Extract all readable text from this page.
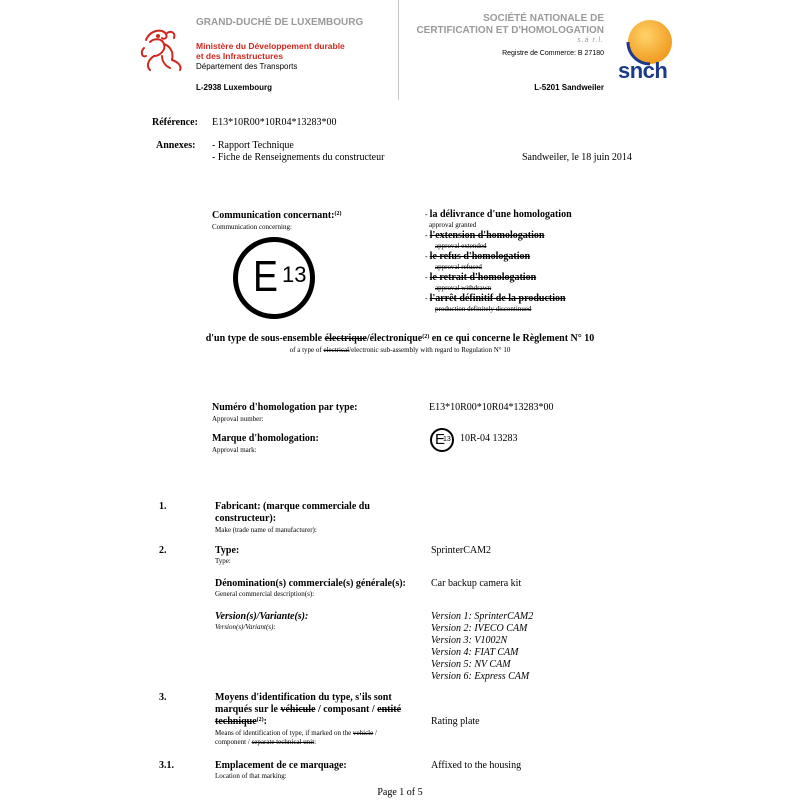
GRAND-DUCHÉ DE LUXEMBOURG
Ministère du Développement durable
et des Infrastructures
Département des Transports
L-2938 Luxembourg
SOCIÉTÉ NATIONALE DE
CERTIFICATION ET D'HOMOLOGATION
s.à r.l.
Registre de Commerce: B 27180
L-5201 Sandweiler
snch
Référence: E13*10R00*10R04*13283*00
Annexes: - Rapport Technique
- Fiche de Renseignements du constructeur	Sandweiler, le 18 juin 2014
Communication concernant:$^{(2)}$
Communication concerning:
E 13
- la délivrance d'une homologation
approval granted
- l'extension d'homologation
approval extended
- le refus d'homologation
approval refused
- le retrait d'homologation
approval withdrawn
- l'arrêt définitif de la production
production definitely discontinued
d'un type de sous-ensemble électrique/électronique$^{(2)}$ en ce qui concerne le Règlement N° 10
of a type of electrical/electronic sub-assembly with regard to Regulation N° 10
Numéro d'homologation par type:
Approval number:
E13*10R00*10R04*13283*00
Marque d'homologation:
Approval mark:
E
13 10R-04 13283
1.	Fabricant: (marque commerciale du
constructeur):
Make (trade name of manufacturer):
2.	Type:
Type:
SprinterCAM2
Dénomination(s) commerciale(s) générale(s):
General commercial description(s):
Car backup camera kit
Version(s)/Variante(s):
Version(s)/Variant(s):
Version 1: SprinterCAM2
Version 2: IVECO CAM
Version 3: V1002N
Version 4: FIAT CAM
Version 5: NV CAM
Version 6: Express CAM
3.	Moyens d'identification du type, s'ils sont
marqués sur le véhicule / composant / entité
technique$^{(2)}$:
Means of identification of type, if marked on the vehicle /
component / separate technical unit:
Rating plate
3.1.	Emplacement de ce marquage:
Location of that marking:
Affixed to the housing
Page 1 of 5
